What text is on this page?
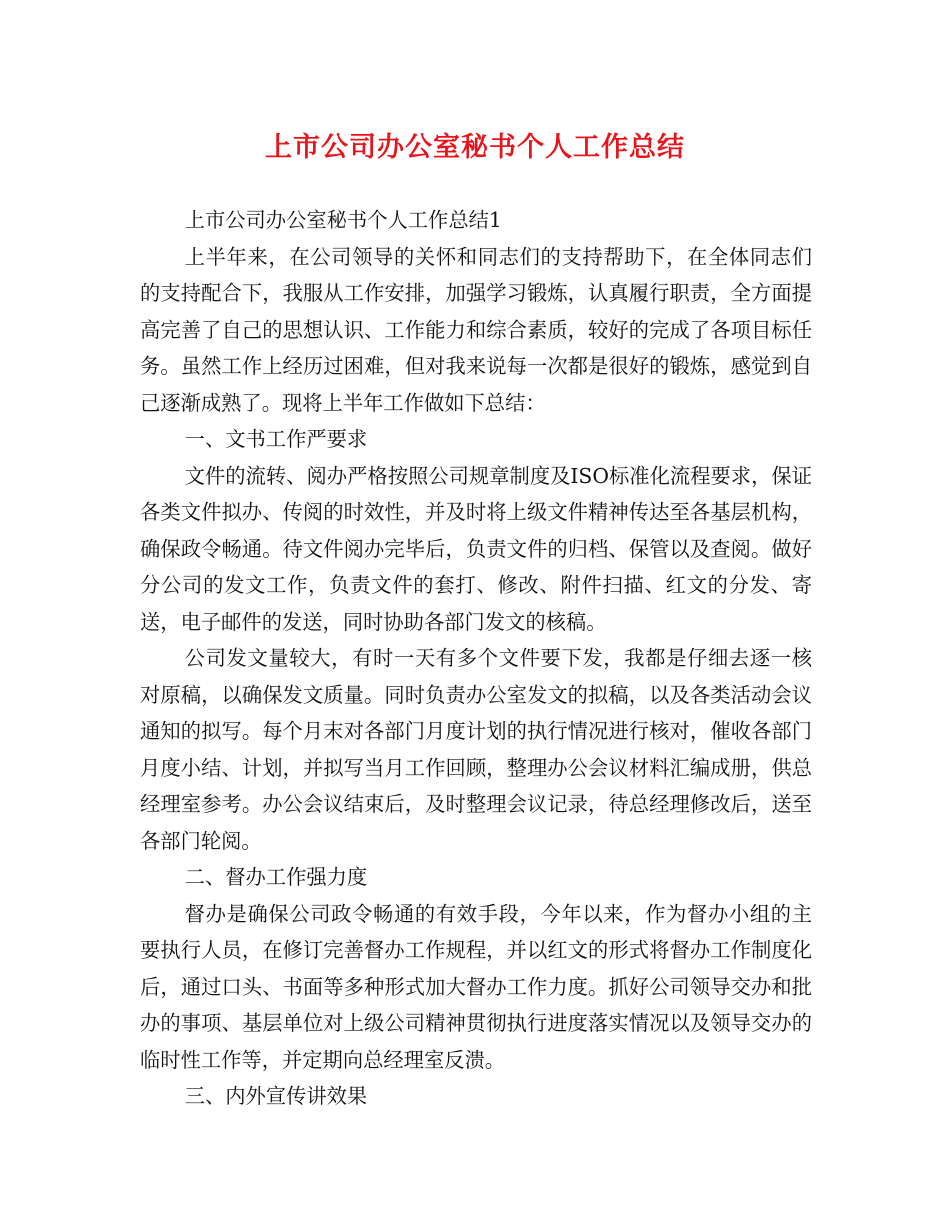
上市公司办公室秘书个人工作总结

上市公司办公室秘书个人工作总结1

上半年来，在公司领导的关怀和同志们的支持帮助下，在全体同志们的支持配合下，我服从工作安排，加强学习锻炼，认真履行职责，全方面提高完善了自己的思想认识、工作能力和综合素质，较好的完成了各项目标任务。虽然工作上经历过困难，但对我来说每一次都是很好的锻炼，感觉到自己逐渐成熟了。现将上半年工作做如下总结：

一、文书工作严要求

文件的流转、阅办严格按照公司规章制度及ISO标准化流程要求，保证各类文件拟办、传阅的时效性，并及时将上级文件精神传达至各基层机构，确保政令畅通。待文件阅办完毕后，负责文件的归档、保管以及查阅。做好分公司的发文工作，负责文件的套打、修改、附件扫描、红文的分发、寄送，电子邮件的发送，同时协助各部门发文的核稿。

公司发文量较大，有时一天有多个文件要下发，我都是仔细去逐一核对原稿，以确保发文质量。同时负责办公室发文的拟稿，以及各类活动会议通知的拟写。每个月末对各部门月度计划的执行情况进行核对，催收各部门月度小结、计划，并拟写当月工作回顾，整理办公会议材料汇编成册，供总经理室参考。办公会议结束后，及时整理会议记录，待总经理修改后，送至各部门轮阅。

二、督办工作强力度

督办是确保公司政令畅通的有效手段，今年以来，作为督办小组的主要执行人员，在修订完善督办工作规程，并以红文的形式将督办工作制度化后，通过口头、书面等多种形式加大督办工作力度。抓好公司领导交办和批办的事项、基层单位对上级公司精神贯彻执行进度落实情况以及领导交办的临时性工作等，并定期向总经理室反溃。

三、内外宣传讲效果
